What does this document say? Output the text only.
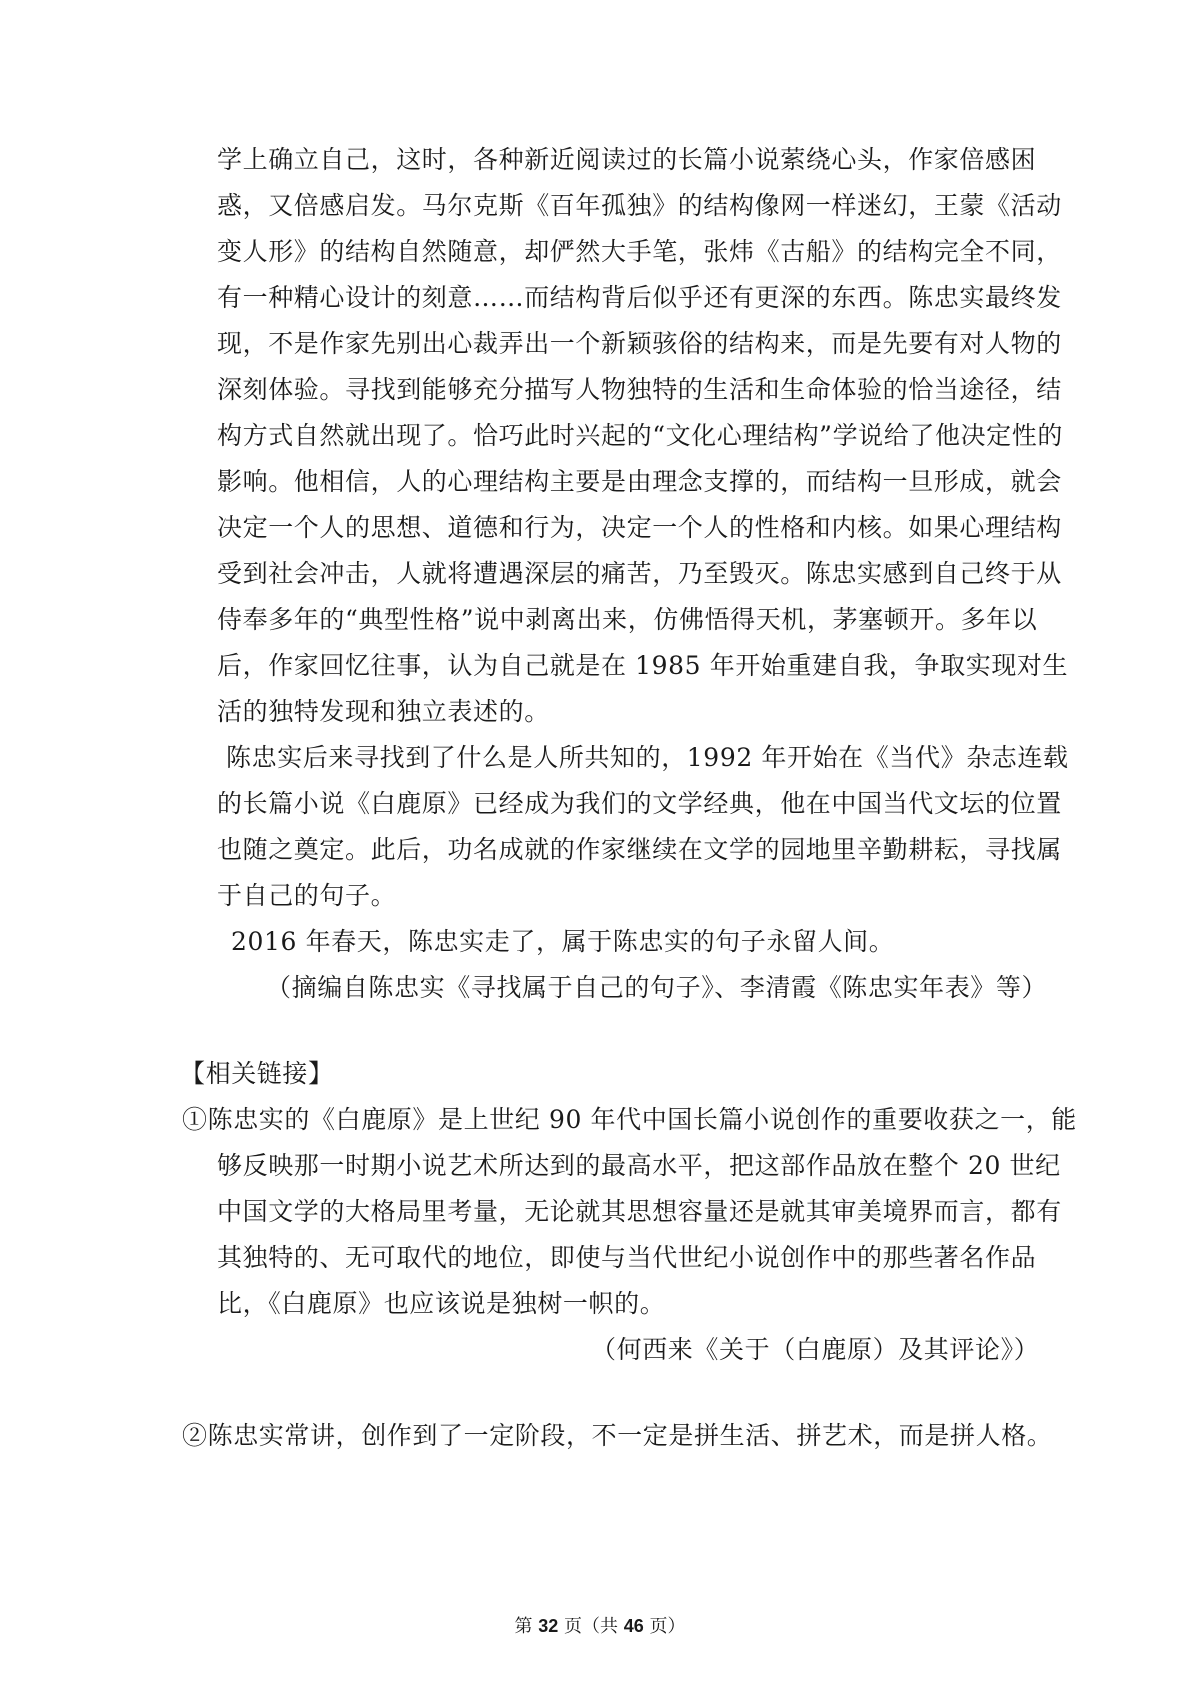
学上确立自己，这时，各种新近阅读过的长篇小说萦绕心头，作家倍感困
惑，又倍感启发。马尔克斯《百年孤独》的结构像网一样迷幻，王蒙《活动
变人形》的结构自然随意，却俨然大手笔，张炜《古船》的结构完全不同，
有一种精心设计的刻意……而结构背后似乎还有更深的东西。陈忠实最终发
现，不是作家先别出心裁弄出一个新颖骇俗的结构来，而是先要有对人物的
深刻体验。寻找到能够充分描写人物独特的生活和生命体验的恰当途径，结
构方式自然就出现了。恰巧此时兴起的“文化心理结构”学说给了他决定性的
影响。他相信，人的心理结构主要是由理念支撑的，而结构一旦形成，就会
决定一个人的思想、道德和行为，决定一个人的性格和内核。如果心理结构
受到社会冲击，人就将遭遇深层的痛苦，乃至毁灭。陈忠实感到自己终于从
侍奉多年的“典型性格”说中剥离出来，仿佛悟得天机，茅塞顿开。多年以
后，作家回忆往事，认为自己就是在 1985 年开始重建自我，争取实现对生
活的独特发现和独立表述的。
陈忠实后来寻找到了什么是人所共知的，1992 年开始在《当代》杂志连载
的长篇小说《白鹿原》已经成为我们的文学经典，他在中国当代文坛的位置
也随之奠定。此后，功名成就的作家继续在文学的园地里辛勤耕耘，寻找属
于自己的句子。
2016 年春天，陈忠实走了，属于陈忠实的句子永留人间。
（摘编自陈忠实《寻找属于自己的句子》、李清霞《陈忠实年表》等）
【相关链接】
①陈忠实的《白鹿原》是上世纪 90 年代中国长篇小说创作的重要收获之一，能
够反映那一时期小说艺术所达到的最高水平，把这部作品放在整个 20 世纪
中国文学的大格局里考量，无论就其思想容量还是就其审美境界而言，都有
其独特的、无可取代的地位，即使与当代世纪小说创作中的那些著名作品
比，《白鹿原》也应该说是独树一帜的。
（何西来《关于（白鹿原）及其评论》）
②陈忠实常讲，创作到了一定阶段，不一定是拼生活、拼艺术，而是拼人格。
第 32 页（共 46 页）
